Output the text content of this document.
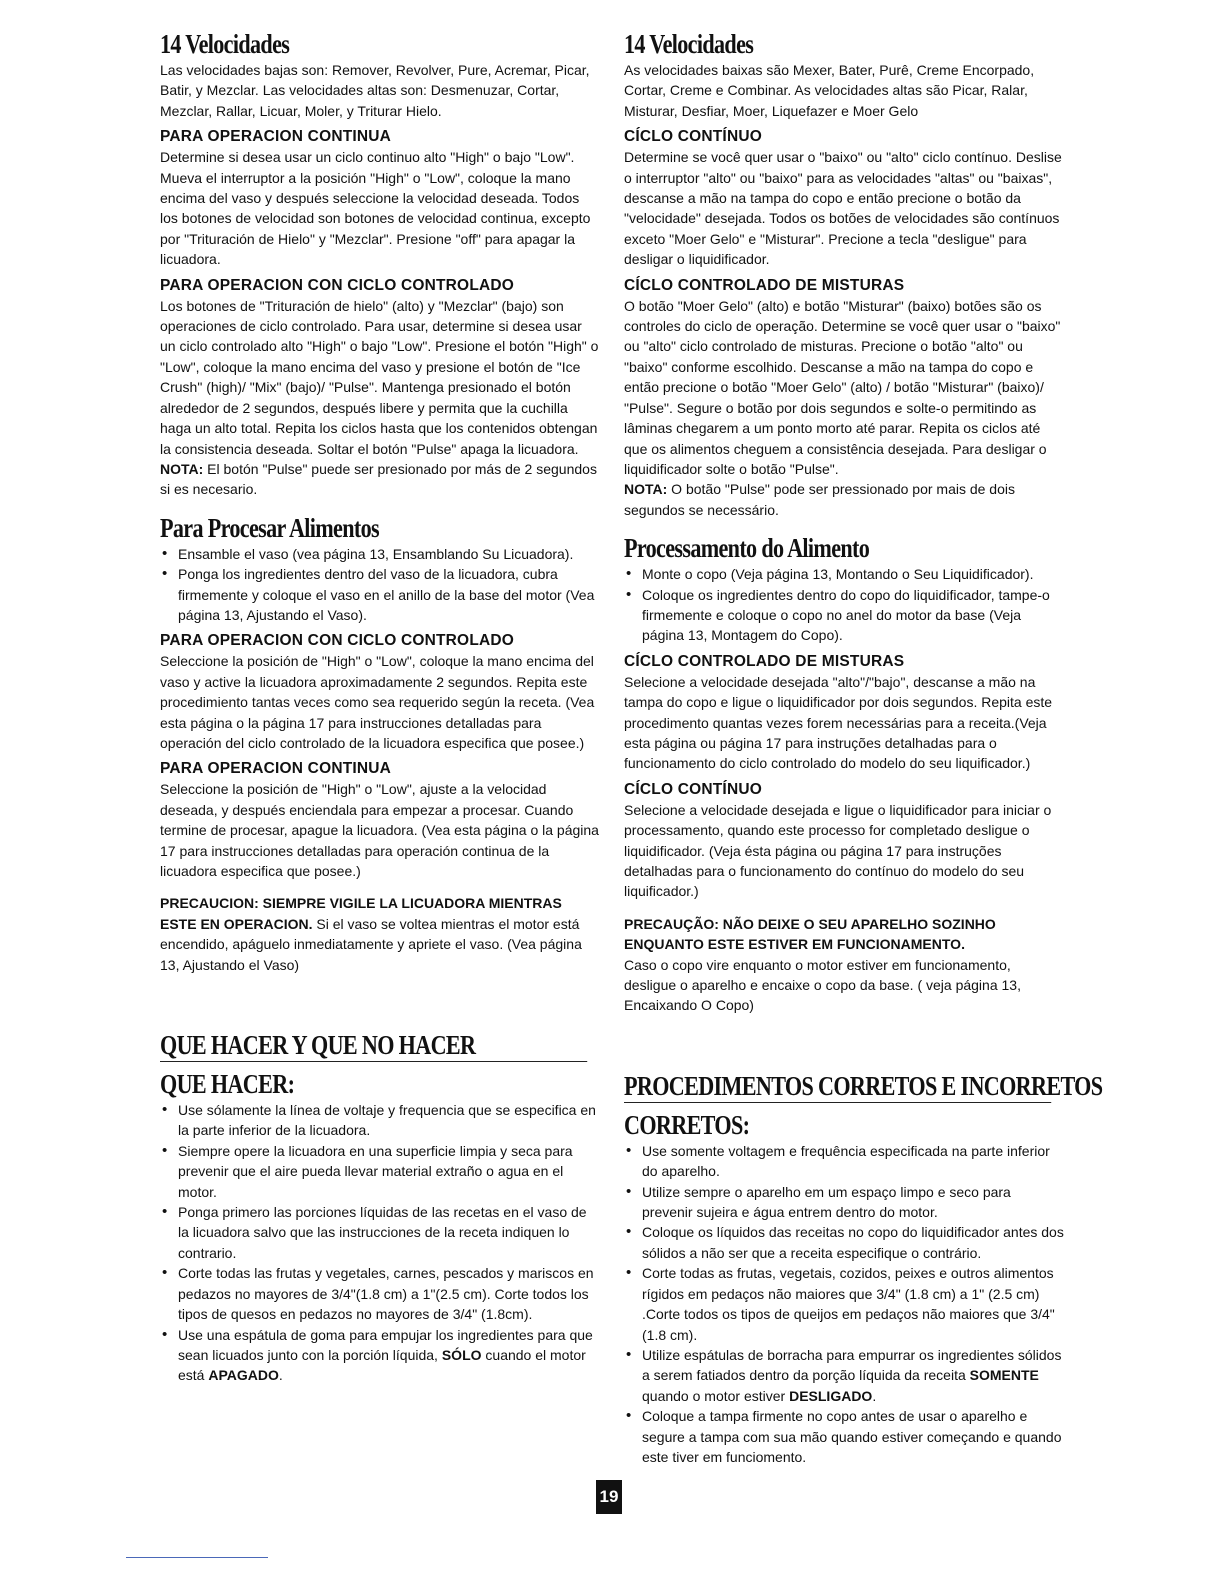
14 Velocidades

Las velocidades bajas son: Remover, Revolver, Pure, Acremar, Picar, Batir, y Mezclar. Las velocidades altas son: Desmenuzar, Cortar, Mezclar, Rallar, Licuar, Moler, y Triturar Hielo.

PARA OPERACION CONTINUA

Determine si desea usar un ciclo continuo alto "High" o bajo "Low". Mueva el interruptor a la posición "High" o "Low", coloque la mano encima del vaso y después seleccione la velocidad deseada. Todos los botones de velocidad son botones de velocidad continua, excepto por "Trituración de Hielo" y "Mezclar". Presione "off" para apagar la licuadora.

PARA OPERACION CON CICLO CONTROLADO

Los botones de "Trituración de hielo" (alto) y "Mezclar" (bajo) son operaciones de ciclo controlado. Para usar, determine si desea usar un ciclo controlado alto "High" o bajo "Low". Presione el botón "High" o "Low", coloque la mano encima del vaso y presione el botón de "Ice Crush" (high)/ "Mix" (bajo)/ "Pulse". Mantenga presionado el botón alrededor de 2 segundos, después libere y permita que la cuchilla haga un alto total. Repita los ciclos hasta que los contenidos obtengan la consistencia deseada. Soltar el botón "Pulse" apaga la licuadora.

NOTA: El botón "Pulse" puede ser presionado por más de 2 segundos si es necesario.

Para Procesar Alimentos
• Ensamble el vaso (vea página 13, Ensamblando Su Licuadora).
• Ponga los ingredientes dentro del vaso de la licuadora, cubra firmemente y coloque el vaso en el anillo de la base del motor (Vea página 13, Ajustando el Vaso).
PARA OPERACION CON CICLO CONTROLADO

Seleccione la posición de "High" o "Low", coloque la mano encima del vaso y active la licuadora aproximadamente 2 segundos. Repita este procedimiento tantas veces como sea requerido según la receta. (Vea esta página o la página 17 para instrucciones detalladas para operación del ciclo controlado de la licuadora especifica que posee.)

PARA OPERACION CONTINUA

Seleccione la posición de "High" o "Low", ajuste a la velocidad deseada, y después enciendala para empezar a procesar. Cuando termine de procesar, apague la licuadora. (Vea esta página o la página 17 para instrucciones detalladas para operación continua de la licuadora especifica que posee.)

PRECAUCION: SIEMPRE VIGILE LA LICUADORA MIENTRAS ESTE EN OPERACION. Si el vaso se voltea mientras el motor está encendido, apáguelo inmediatamente y apriete el vaso. (Vea página 13, Ajustando el Vaso)

QUE HACER Y QUE NO HACER
QUE HACER:
• Use sólamente la línea de voltaje y frequencia que se especifica en la parte inferior de la licuadora.
• Siempre opere la licuadora en una superficie limpia y seca para prevenir que el aire pueda llevar material extraño o agua en el motor.
• Ponga primero las porciones líquidas de las recetas en el vaso de la licuadora salvo que las instrucciones de la receta indiquen lo contrario.
• Corte todas las frutas y vegetales, carnes, pescados y mariscos en pedazos no mayores de 3/4"(1.8 cm) a 1"(2.5 cm). Corte todos los tipos de quesos en pedazos no mayores de 3/4" (1.8cm).
• Use una espátula de goma para empujar los ingredientes para que sean licuados junto con la porción líquida, SÓLO cuando el motor está APAGADO.
14 Velocidades

As velocidades baixas são Mexer, Bater, Purê, Creme Encorpado, Cortar, Creme e Combinar. As velocidades altas são Picar, Ralar, Misturar, Desfiar, Moer, Liquefazer e Moer Gelo

CÍCLO CONTÍNUO

Determine se você quer usar o "baixo" ou "alto" ciclo contínuo. Deslise o interruptor "alto" ou "baixo" para as velocidades "altas" ou "baixas", descanse a mão na tampa do copo e então precione o botão da "velocidade" desejada. Todos os botões de velocidades são contínuos exceto "Moer Gelo" e "Misturar". Precione a tecla "desligue" para desligar o liquidificador.

CÍCLO CONTROLADO DE MISTURAS

O botão "Moer Gelo" (alto) e botão "Misturar" (baixo) botões são os controles do ciclo de operação. Determine se você quer usar o "baixo" ou "alto" ciclo controlado de misturas. Precione o botão "alto" ou "baixo" conforme escolhido. Descanse a mão na tampa do copo e então precione o botão "Moer Gelo" (alto) / botão "Misturar" (baixo)/ "Pulse". Segure o botão por dois segundos e solte-o permitindo as lâminas chegarem a um ponto morto até parar. Repita os ciclos até que os alimentos cheguem a consistência desejada. Para desligar o liquidificador solte o botão "Pulse".

NOTA: O botão "Pulse" pode ser pressionado por mais de dois segundos se necessário.

Processamento do Alimento
• Monte o copo (Veja página 13, Montando o Seu Liquidificador).
• Coloque os ingredientes dentro do copo do liquidificador, tampe-o firmemente e coloque o copo no anel do motor da base (Veja página 13, Montagem do Copo).
CÍCLO CONTROLADO DE MISTURAS

Selecione a velocidade desejada "alto"/"bajo", descanse a mão na tampa do copo e ligue o liquidificador por dois segundos. Repita este procedimento quantas vezes forem necessárias para a receita.(Veja esta página ou página 17 para instruções detalhadas para o funcionamento do ciclo controlado do modelo do seu liquificador.)

CÍCLO CONTÍNUO

Selecione a velocidade desejada e ligue o liquidificador para iniciar o processamento, quando este processo for completado desligue o liquidificador. (Veja ésta página ou página 17 para instruções detalhadas para o funcionamento do contínuo do modelo do seu liquificador.)

PRECAUÇÃO: NÃO DEIXE O SEU APARELHO SOZINHO ENQUANTO ESTE ESTIVER EM FUNCIONAMENTO.

Caso o copo vire enquanto o motor estiver em funcionamento, desligue o aparelho e encaixe o copo da base. ( veja página 13, Encaixando O Copo)

PROCEDIMENTOS CORRETOS E INCORRETOS
CORRETOS:
• Use somente voltagem e frequência especificada na parte inferior do aparelho.
• Utilize sempre o aparelho em um espaço limpo e seco para prevenir sujeira e água entrem dentro do motor.
• Coloque os líquidos das receitas no copo do liquidificador antes dos sólidos a não ser que a receita especifique o contrário.
• Corte todas as frutas, vegetais, cozidos, peixes e outros alimentos rígidos em pedaços não maiores que 3/4" (1.8 cm) a 1" (2.5 cm) .Corte todos os tipos de queijos em pedaços não maiores que 3/4" (1.8 cm).
• Utilize espátulas de borracha para empurrar os ingredientes sólidos a serem fatiados dentro da porção líquida da receita SOMENTE quando o motor estiver DESLIGADO.
• Coloque a tampa firmente no copo antes de usar o aparelho e segure a tampa com sua mão quando estiver começando e quando este tiver em funciomento.
19
